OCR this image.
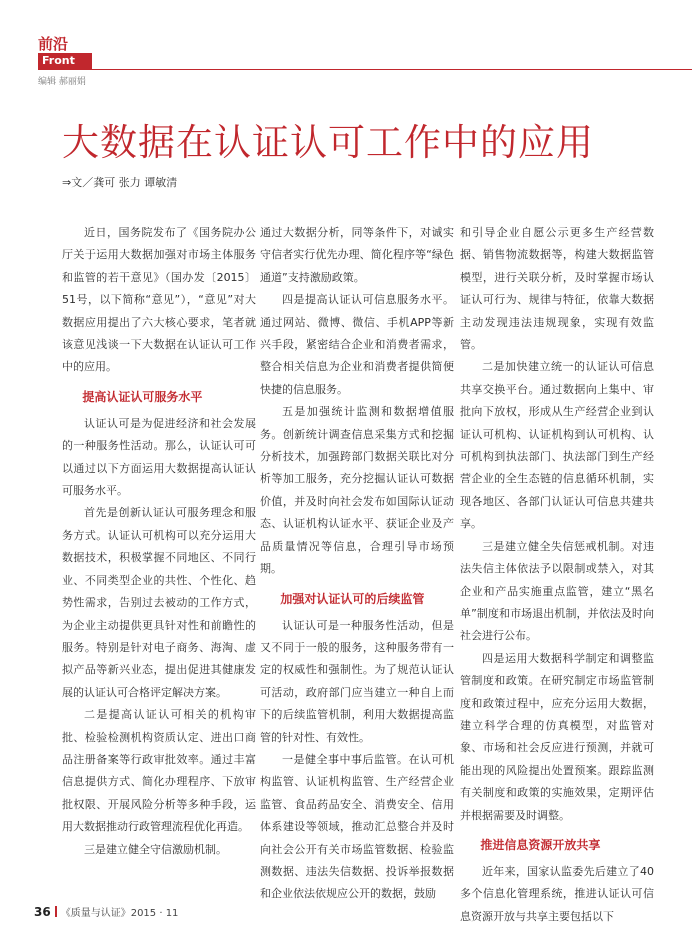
前沿
Front
编辑 郝丽娟
大数据在认证认可工作中的应用
⇒文／龚可 张力 谭敏清

近日，国务院发布了《国务院办公厅关于运用大数据加强对市场主体服务和监管的若干意见》（国办发〔2015〕51号，以下简称“意见”），“意见”对大数据应用提出了六大核心要求，笔者就该意见浅谈一下大数据在认证认可工作中的应用。

提高认证认可服务水平

认证认可是为促进经济和社会发展的一种服务性活动。那么，认证认可可以通过以下方面运用大数据提高认证认可服务水平。

首先是创新认证认可服务理念和服务方式。认证认可机构可以充分运用大数据技术，积极掌握不同地区、不同行业、不同类型企业的共性、个性化、趋势性需求，告别过去被动的工作方式，为企业主动提供更具针对性和前瞻性的服务。特别是针对电子商务、海淘、虚拟产品等新兴业态，提出促进其健康发展的认证认可合格评定解决方案。

二是提高认证认可相关的机构审批、检验检测机构资质认定、进出口商品注册备案等行政审批效率。通过丰富信息提供方式、简化办理程序、下放审批权限、开展风险分析等多种手段，运用大数据推动行政管理流程优化再造。

三是建立健全守信激励机制。

通过大数据分析，同等条件下，对诚实守信者实行优先办理、简化程序等“绿色通道”支持激励政策。

四是提高认证认可信息服务水平。通过网站、微博、微信、手机APP等新兴手段，紧密结合企业和消费者需求，整合相关信息为企业和消费者提供简便快捷的信息服务。

五是加强统计监测和数据增值服务。创新统计调查信息采集方式和挖掘分析技术，加强跨部门数据关联比对分析等加工服务，充分挖掘认证认可数据价值，并及时向社会发布如国际认证动态、认证机构认证水平、获证企业及产品质量情况等信息，合理引导市场预期。

加强对认证认可的后续监管

认证认可是一种服务性活动，但是又不同于一般的服务，这种服务带有一定的权威性和强制性。为了规范认证认可活动，政府部门应当建立一种自上而下的后续监管机制，利用大数据提高监管的针对性、有效性。

一是健全事中事后监管。在认可机构监管、认证机构监管、生产经营企业监管、食品药品安全、消费安全、信用体系建设等领域，推动汇总整合并及时向社会公开有关市场监管数据、检验监测数据、违法失信数据、投诉举报数据和企业依法依规应公开的数据，鼓励

和引导企业自愿公示更多生产经营数据、销售物流数据等，构建大数据监管模型，进行关联分析，及时掌握市场认证认可行为、规律与特征，依靠大数据主动发现违法违规现象，实现有效监管。

二是加快建立统一的认证认可信息共享交换平台。通过数据向上集中、审批向下放权，形成从生产经营企业到认证认可机构、认证机构到认可机构、认可机构到执法部门、执法部门到生产经营企业的全生态链的信息循环机制，实现各地区、各部门认证认可信息共建共享。

三是建立健全失信惩戒机制。对违法失信主体依法予以限制或禁入，对其企业和产品实施重点监管，建立“黑名单”制度和市场退出机制，并依法及时向社会进行公布。

四是运用大数据科学制定和调整监管制度和政策。在研究制定市场监管制度和政策过程中，应充分运用大数据，建立科学合理的仿真模型，对监管对象、市场和社会反应进行预测，并就可能出现的风险提出处置预案。跟踪监测有关制度和政策的实施效果，定期评估并根据需要及时调整。

推进信息资源开放共享

近年来，国家认监委先后建立了40多个信息化管理系统，推进认证认可信息资源开放与共享主要包括以下

36 《质量与认证》2015 · 11
